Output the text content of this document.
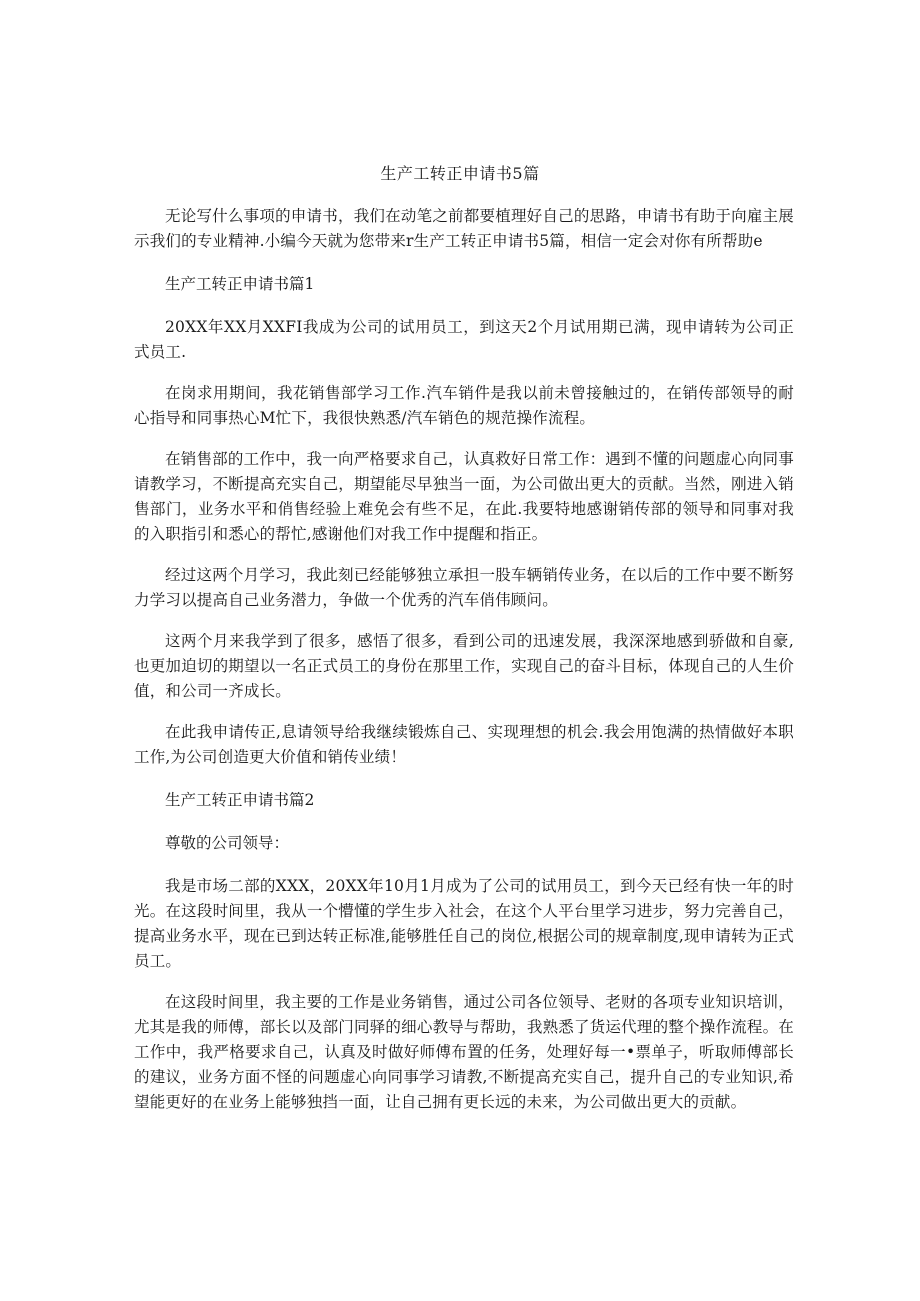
生产工转正申请书5篇

无论写什么事项的申请书，我们在动笔之前都要植理好自己的思路，申请书有助于向雇主展示我们的专业精神.小编今天就为您带来r生产工转正申请书5篇，相信一定会对你有所帮助e

生产工转正申请书篇1

20XX年XX月XXFI我成为公司的试用员工，到这天2个月试用期已满，现申请转为公司正式员工.

在岗求用期间，我花销售部学习工作.汽车销件是我以前未曾接触过的，在销传部领导的耐心指导和同事热心M忙下，我很快熟悉/汽车销色的规范操作流程。

在销售部的工作中，我一向严格要求自己，认真救好日常工作：遇到不懂的问题虚心向同事请教学习，不断提高充实自己，期望能尽早独当一面，为公司做出更大的贡献。当然，刚进入销售部门，业务水平和俏售经验上难免会有些不足，在此.我要特地感谢销传部的领导和同事对我的入职指引和悉心的帮忙,感谢他们对我工作中提醒和指正。

经过这两个月学习，我此刻已经能够独立承担一股车辆销传业务，在以后的工作中要不断努力学习以提高自己业务潜力，争做一个优秀的汽车俏伟顾问。

这两个月来我学到了很多，感悟了很多，看到公司的迅速发展，我深深地感到骄做和自豪,也更加迫切的期望以一名正式员工的身份在那里工作，实现自己的奋斗目标，体现自己的人生价值，和公司一齐成长。

在此我申请传正,息请领导给我继续锻炼自己、实现理想的机会.我会用饱满的热情做好本职工作,为公司创造更大价值和销传业绩！

生产工转正申请书篇2

尊敬的公司领导：

我是市场二部的XXX，20XX年10月1月成为了公司的试用员工，到今天已经有快一年的时光。在这段时间里，我从一个懵懂的学生步入社会，在这个人平台里学习进步，努力完善自己，提高业务水平，现在已到达转正标准,能够胜任自己的岗位,根据公司的规章制度,现申请转为正式员工。

在这段时间里，我主要的工作是业务销售，通过公司各位领导、老财的各项专业知识培训，尤其是我的师傅，部长以及部门同驿的细心教导与帮助，我熟悉了货运代理的整个操作流程。在工作中，我严格要求自己，认真及时做好师傅布置的任务，处理好每一•票单子，听取师傅部长的建议，业务方面不怪的问题虚心向同事学习请教,不断提高充实自己，提升自己的专业知识,希望能更好的在业务上能够独挡一面，让自己拥有更长远的未来，为公司做出更大的贡献。
